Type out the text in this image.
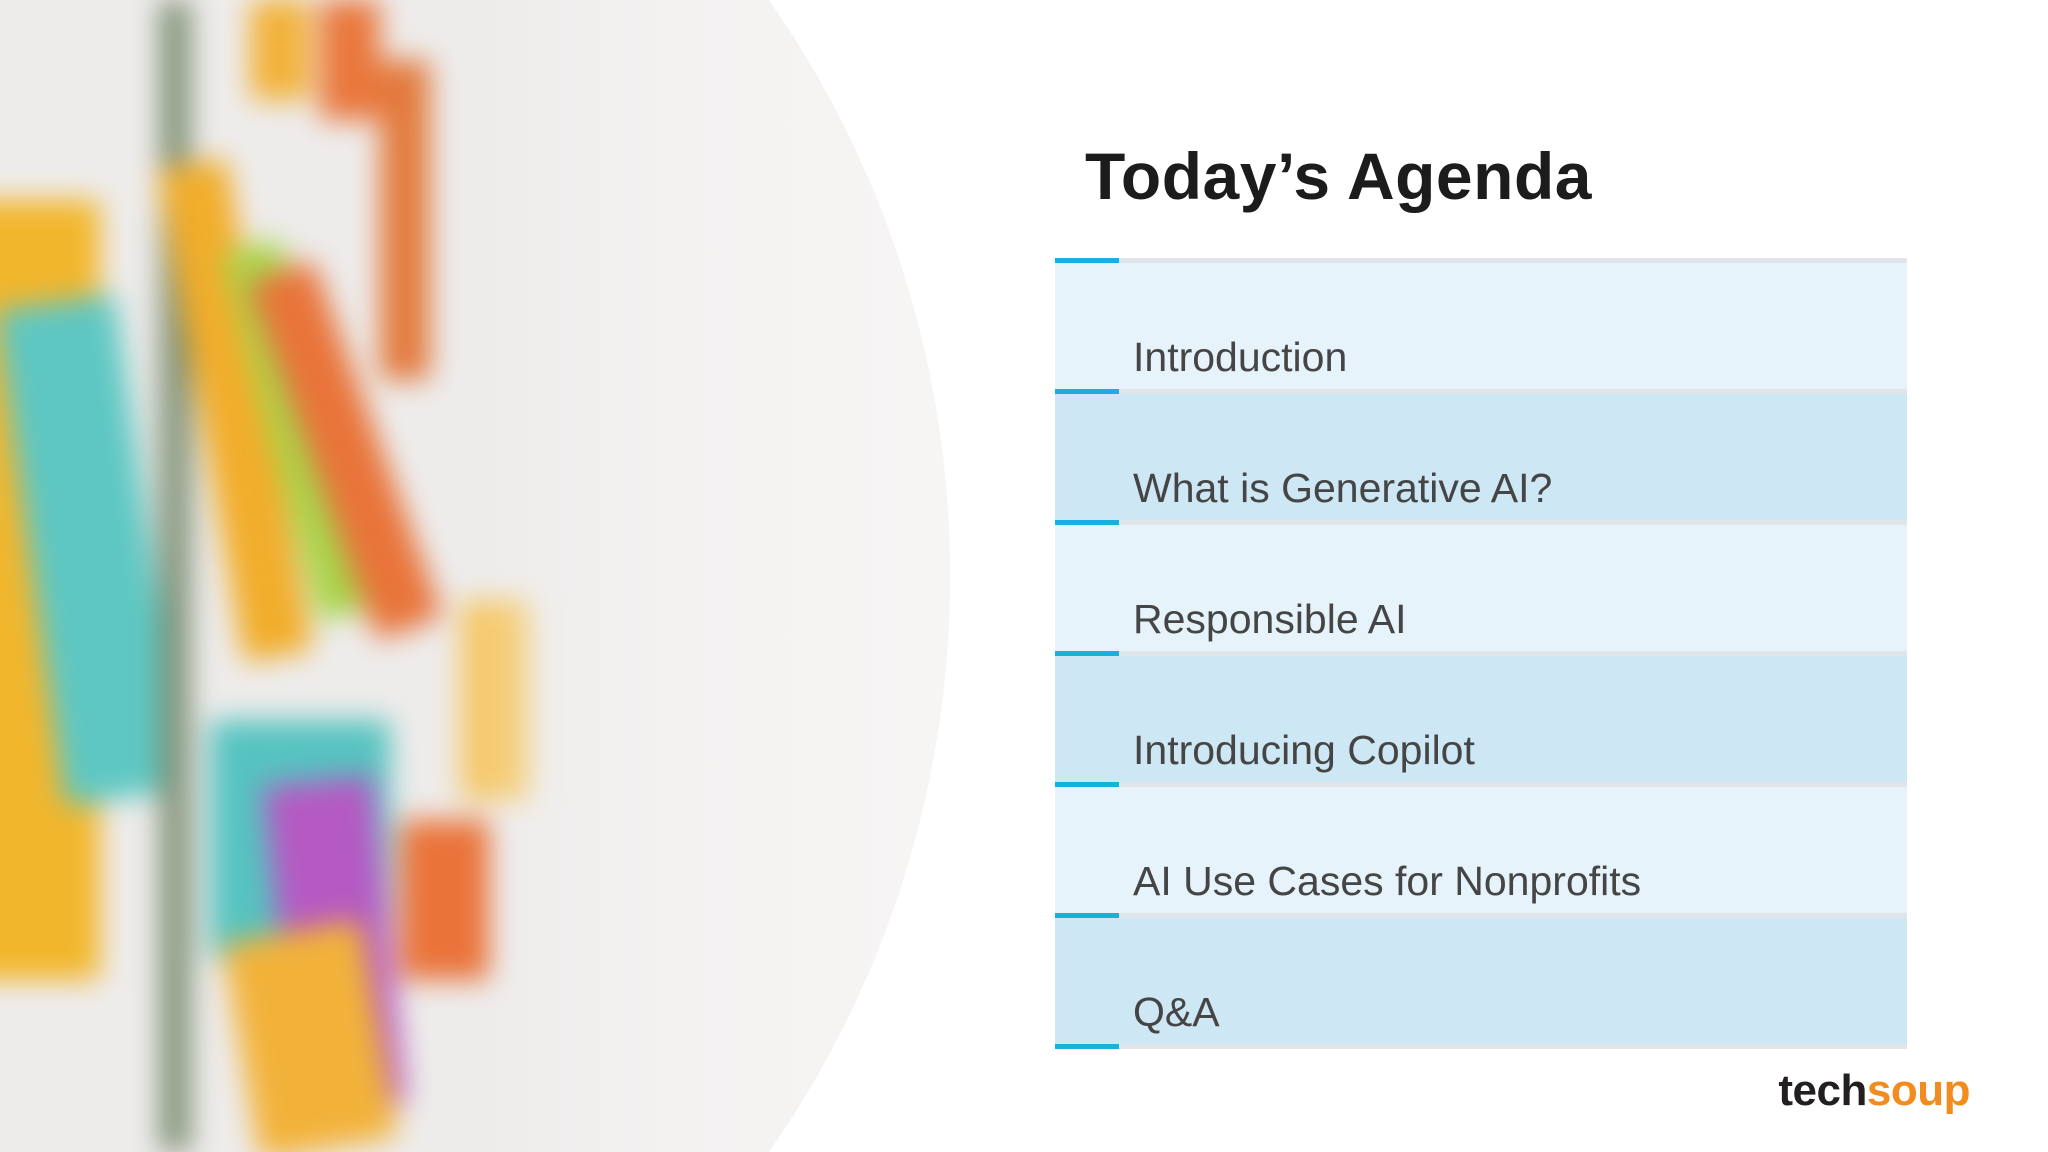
Today’s Agenda
Introduction
What is Generative AI?
Responsible AI
Introducing Copilot
AI Use Cases for Nonprofits
Q&A
techsoup
